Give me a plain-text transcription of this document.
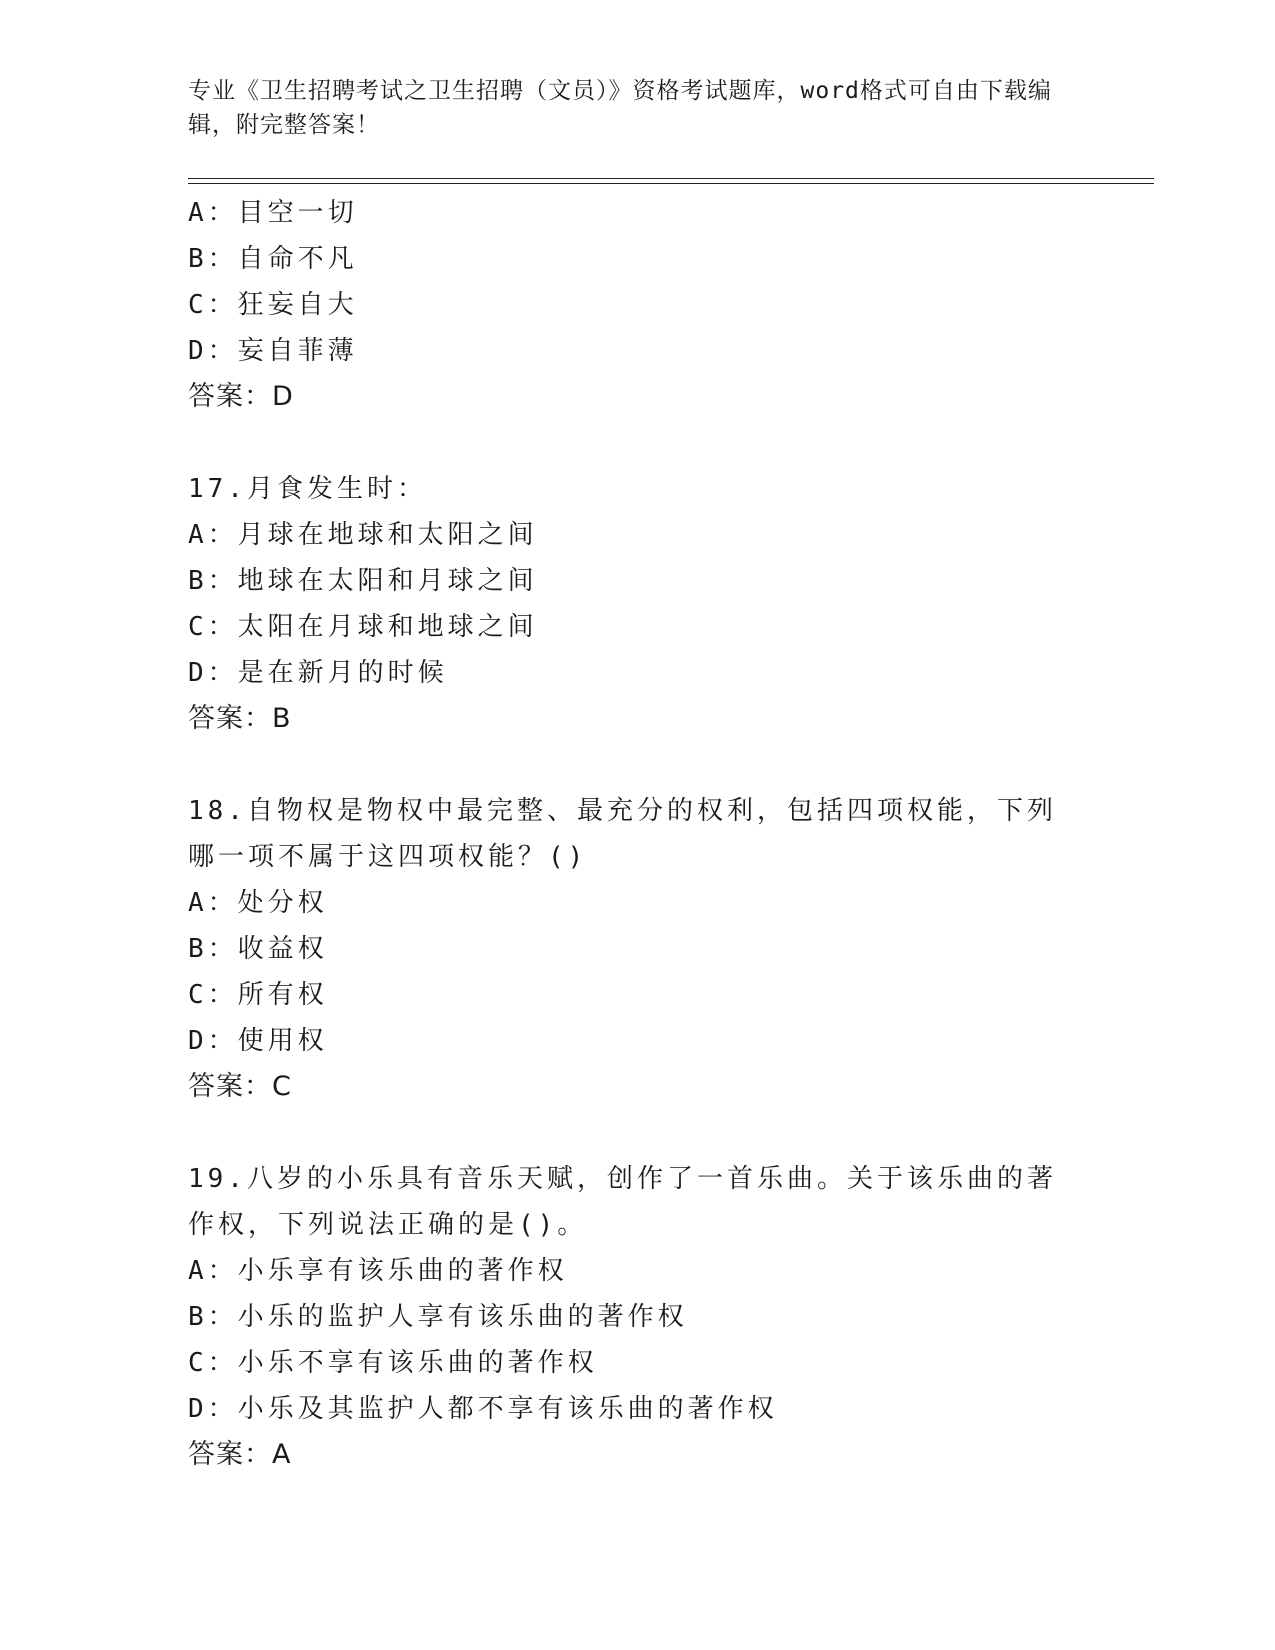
专业《卫生招聘考试之卫生招聘（文员）》资格考试题库，word格式可自由下载编辑，附完整答案！
A：目空一切
B：自命不凡
C：狂妄自大
D：妄自菲薄
答案：D
17.月食发生时：
A：月球在地球和太阳之间
B：地球在太阳和月球之间
C：太阳在月球和地球之间
D：是在新月的时候
答案：B
18.自物权是物权中最完整、最充分的权利，包括四项权能，下列哪一项不属于这四项权能？()
A：处分权
B：收益权
C：所有权
D：使用权
答案：C
19.八岁的小乐具有音乐天赋，创作了一首乐曲。关于该乐曲的著作权，下列说法正确的是()。
A：小乐享有该乐曲的著作权
B：小乐的监护人享有该乐曲的著作权
C：小乐不享有该乐曲的著作权
D：小乐及其监护人都不享有该乐曲的著作权
答案：A
